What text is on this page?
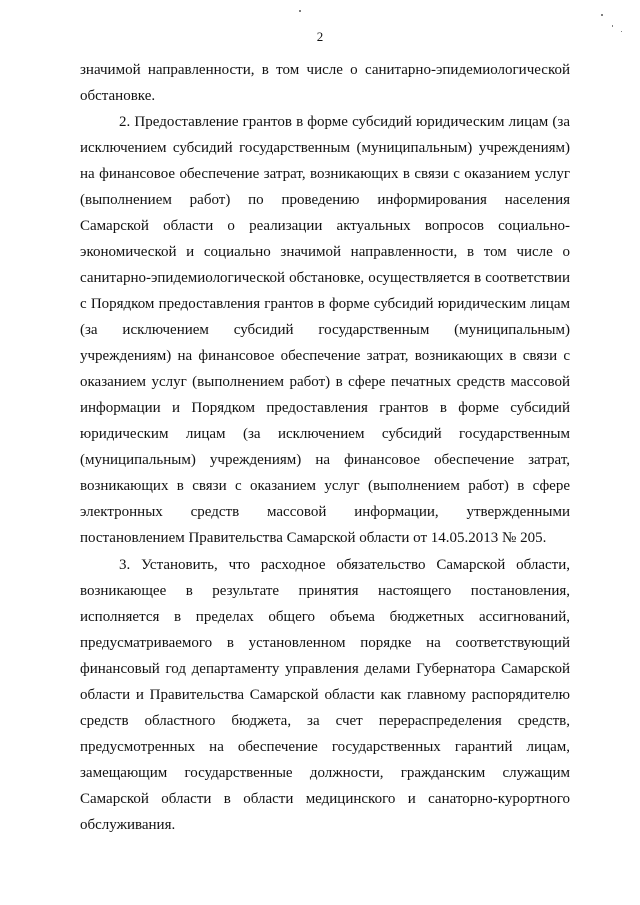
2
значимой направленности, в том числе о санитарно-эпидемиологической
обстановке.
2. Предоставление грантов в форме субсидий юридическим лицам (за
исключением субсидий государственным (муниципальным) учреждениям)
на финансовое обеспечение затрат, возникающих в связи с оказанием услуг
(выполнением работ) по проведению информирования населения
Самарской области о реализации актуальных вопросов социально-
экономической и социально значимой направленности, в том числе о
санитарно-эпидемиологической обстановке, осуществляется в соответствии
с Порядком предоставления грантов в форме субсидий юридическим лицам
(за исключением субсидий государственным (муниципальным)
учреждениям) на финансовое обеспечение затрат, возникающих в связи с
оказанием услуг (выполнением работ) в сфере печатных средств массовой
информации и Порядком предоставления грантов в форме субсидий
юридическим лицам (за исключением субсидий государственным
(муниципальным) учреждениям) на финансовое обеспечение затрат,
возникающих в связи с оказанием услуг (выполнением работ) в сфере
электронных средств массовой информации, утвержденными
постановлением Правительства Самарской области от 14.05.2013 № 205.
3. Установить, что расходное обязательство Самарской области,
возникающее в результате принятия настоящего постановления,
исполняется в пределах общего объема бюджетных ассигнований,
предусматриваемого в установленном порядке на соответствующий
финансовый год департаменту управления делами Губернатора Самарской
области и Правительства Самарской области как главному распорядителю
средств областного бюджета, за счет перераспределения средств,
предусмотренных на обеспечение государственных гарантий лицам,
замещающим государственные должности, гражданским служащим
Самарской области в области медицинского и санаторно-курортного
обслуживания.
